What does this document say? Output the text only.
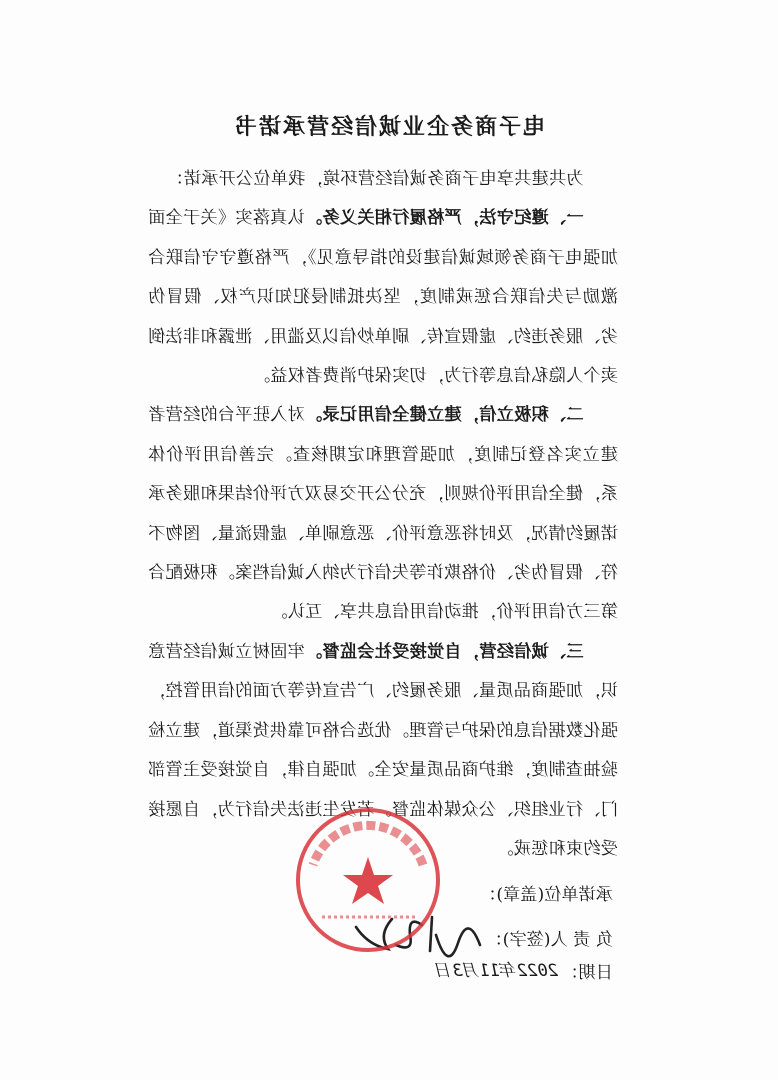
电子商务企业诚信经营承诺书

为共建共享电子商务诚信经营环境，我单位公开承诺：

一、遵纪守法，严格履行相关义务。认真落实《关于全面加强电子商务领域诚信建设的指导意见》，严格遵守守信联合激励与失信联合惩戒制度，坚决抵制侵犯知识产权、假冒伪劣、服务违约、虚假宣传、刷单炒信以及滥用、泄露和非法倒卖个人隐私信息等行为，切实保护消费者权益。

二、积极立信，建立健全信用记录。对入驻平台的经营者建立实名登记制度，加强管理和定期核查。完善信用评价体系，健全信用评价规则，充分公开交易双方评价结果和服务承诺履约情况，及时将恶意评价、恶意刷单、虚假流量、图物不符、假冒伪劣、价格欺诈等失信行为纳入诚信档案。积极配合第三方信用评价，推动信用信息共享、互认。

三、诚信经营，自觉接受社会监督。牢固树立诚信经营意识，加强商品质量、服务履约、广告宣传等方面的信用管控，强化数据信息的保护与管理。优选合格可靠供货渠道，建立检验抽查制度，维护商品质量安全。加强自律，自觉接受主管部门、行业组织、公众媒体监督。若发生违法失信行为，自愿接受约束和惩戒。

承诺单位(盖章)：
负 责 人(签字)：
日期：
2022年11月3日
